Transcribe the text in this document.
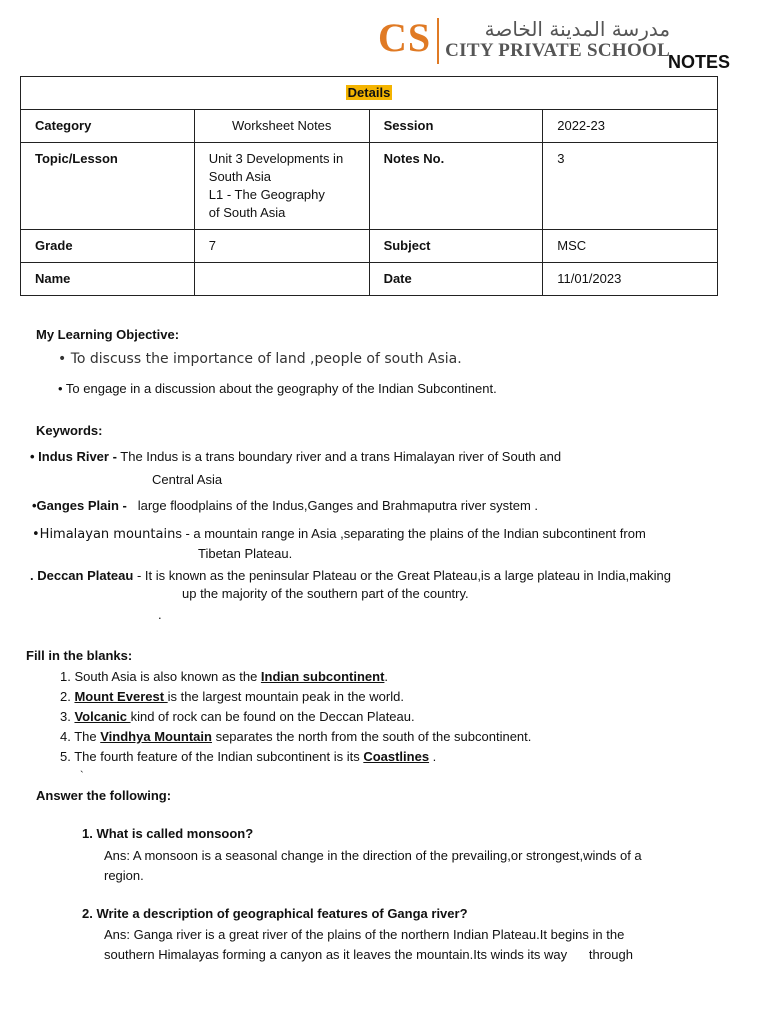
CS	مدرسة المدينة الخاصة
CITY PRIVATE SCHOOL
NOTES
Details			
Category	Worksheet Notes	Session	2022-23
Topic/Lesson	Unit 3 Developments in
South Asia
L1 - The Geography
of South Asia	Notes No.	3
Grade	7	Subject	MSC
Name		Date	11/01/2023
My Learning Objective:
• To discuss the importance of land ,people of south Asia.
• To engage in a discussion about the geography of the Indian Subcontinent.
Keywords:
• Indus River - The Indus is a trans boundary river and a trans Himalayan river of South and
Central Asia
•Ganges Plain - large floodplains of the Indus,Ganges and Brahmaputra river system .
•Himalayan mountains - a mountain range in Asia ,separating the plains of the Indian subcontinent from
Tibetan Plateau.
. Deccan Plateau - It is known as the peninsular Plateau or the Great Plateau,is a large plateau in India,making
up the majority of the southern part of the country.
.
Fill in the blanks:
1. South Asia is also known as the Indian subcontinent.
2. Mount Everest is the largest mountain peak in the world.
3. Volcanic kind of rock can be found on the Deccan Plateau.
4. The Vindhya Mountain separates the north from the south of the subcontinent.
5. The fourth feature of the Indian subcontinent is its Coastlines .
`
Answer the following:
1. What is called monsoon?
Ans: A monsoon is a seasonal change in the direction of the prevailing,or strongest,winds of a
region.
2. Write a description of geographical features of Ganga river?
Ans: Ganga river is a great river of the plains of the northern Indian Plateau.It begins in the
southern Himalayas forming a canyon as it leaves the mountain.Its winds its way      through
